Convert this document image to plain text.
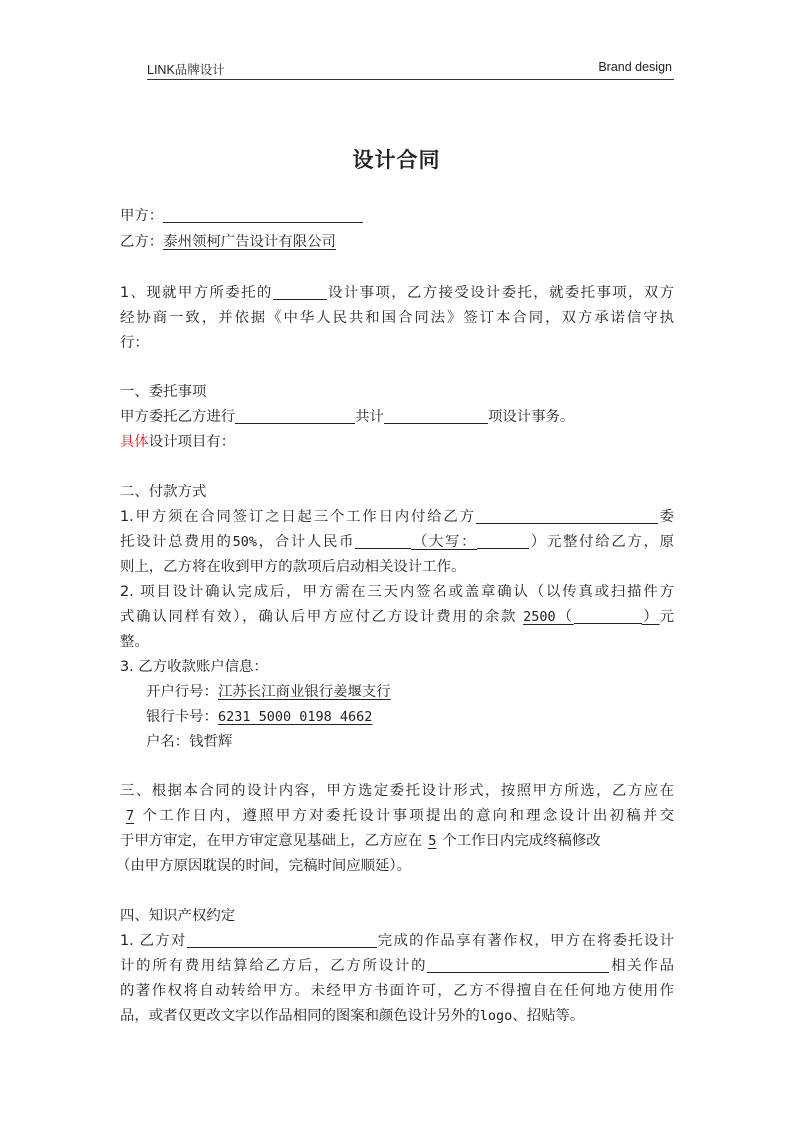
LINK品牌设计	Brand design
设计合同
甲方：
乙方：泰州领柯广告设计有限公司
1、现就甲方所委托的	设计事项，乙方接受设计委托，就委托事项，双方
经协商一致，并依据《中华人民共和国合同法》签订本合同，双方承诺信守执
行：
一、委托事项
甲方委托乙方进行	共计	项设计事务。
具体设计项目有：
二、付款方式
1.甲方须在合同签订之日起三个工作日内付给乙方	委
托设计总费用的50%，合计人民币	（大写：	）元整付给乙方，原
则上，乙方将在收到甲方的款项后启动相关设计工作。
2. 项目设计确认完成后，甲方需在三天内签名或盖章确认（以传真或扫描件方
式确认同样有效），确认后甲方应付乙方设计费用的余款 2500（	）元
整。
3. 乙方收款账户信息：
开户行号：江苏长江商业银行姜堰支行
银行卡号：6231 5000 0198 4662
户名：钱哲辉
三、根据本合同的设计内容，甲方选定委托设计形式，按照甲方所选，乙方应在
7 个工作日内，遵照甲方对委托设计事项提出的意向和理念设计出初稿并交
于甲方审定，在甲方审定意见基础上，乙方应在 5 个工作日内完成终稿修改
（由甲方原因耽误的时间，完稿时间应顺延）。
四、知识产权约定
1. 乙方对	完成的作品享有著作权，甲方在将委托设计
计的所有费用结算给乙方后，乙方所设计的	相关作品
的著作权将自动转给甲方。未经甲方书面许可，乙方不得擅自在任何地方使用作
品，或者仅更改文字以作品相同的图案和颜色设计另外的logo、招贴等。
